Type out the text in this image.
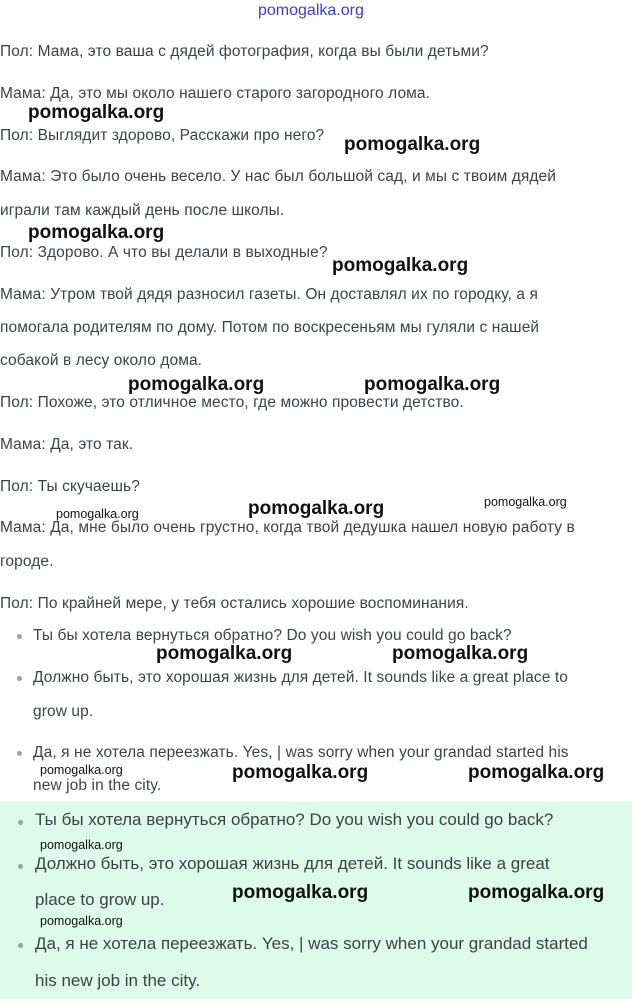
pomogalka.org
Пол: Мама, это ваша с дядей фотография, когда вы были детьми?
Мама: Да, это мы около нашего старого загородного лома.
Пол: Выглядит здорово, Расскажи про него?
Мама: Это было очень весело. У нас был большой сад, и мы с твоим дядей
играли там каждый день после школы.
Пол: Здорово. А что вы делали в выходные?
Мама: Утром твой дядя разносил газеты. Он доставлял их по городку, а я
помогала родителям по дому. Потом по воскресеньям мы гуляли с нашей
собакой в лесу около дома.
Пол: Похоже, это отличное место, где можно провести детство.
Мама: Да, это так.
Пол: Ты скучаешь?
Мама: Да, мне было очень грустно, когда твой дедушка нашел новую работу в
городе.
Пол: По крайней мере, у тебя остались хорошие воспоминания.
Ты бы хотела вернуться обратно? Do you wish you could go back?
Должно быть, это хорошая жизнь для детей. It sounds like a great place to
grow up.
Да, я не хотела переезжать. Yes, | was sorry when your grandad started his
new job in the city.
Ты бы хотела вернуться обратно? Do you wish you could go back?
Должно быть, это хорошая жизнь для детей. It sounds like a great
place to grow up.
Да, я не хотела переезжать. Yes, | was sorry when your grandad started
his new job in the city.
pomogalka.org
pomogalka.org
pomogalka.org
pomogalka.org
pomogalka.org	pomogalka.org
pomogalka.org	pomogalka.org
pomogalka.org
pomogalka.org	pomogalka.org
pomogalka.org	pomogalka.org	pomogalka.org
pomogalka.org
pomogalka.org	pomogalka.org
pomogalka.org
